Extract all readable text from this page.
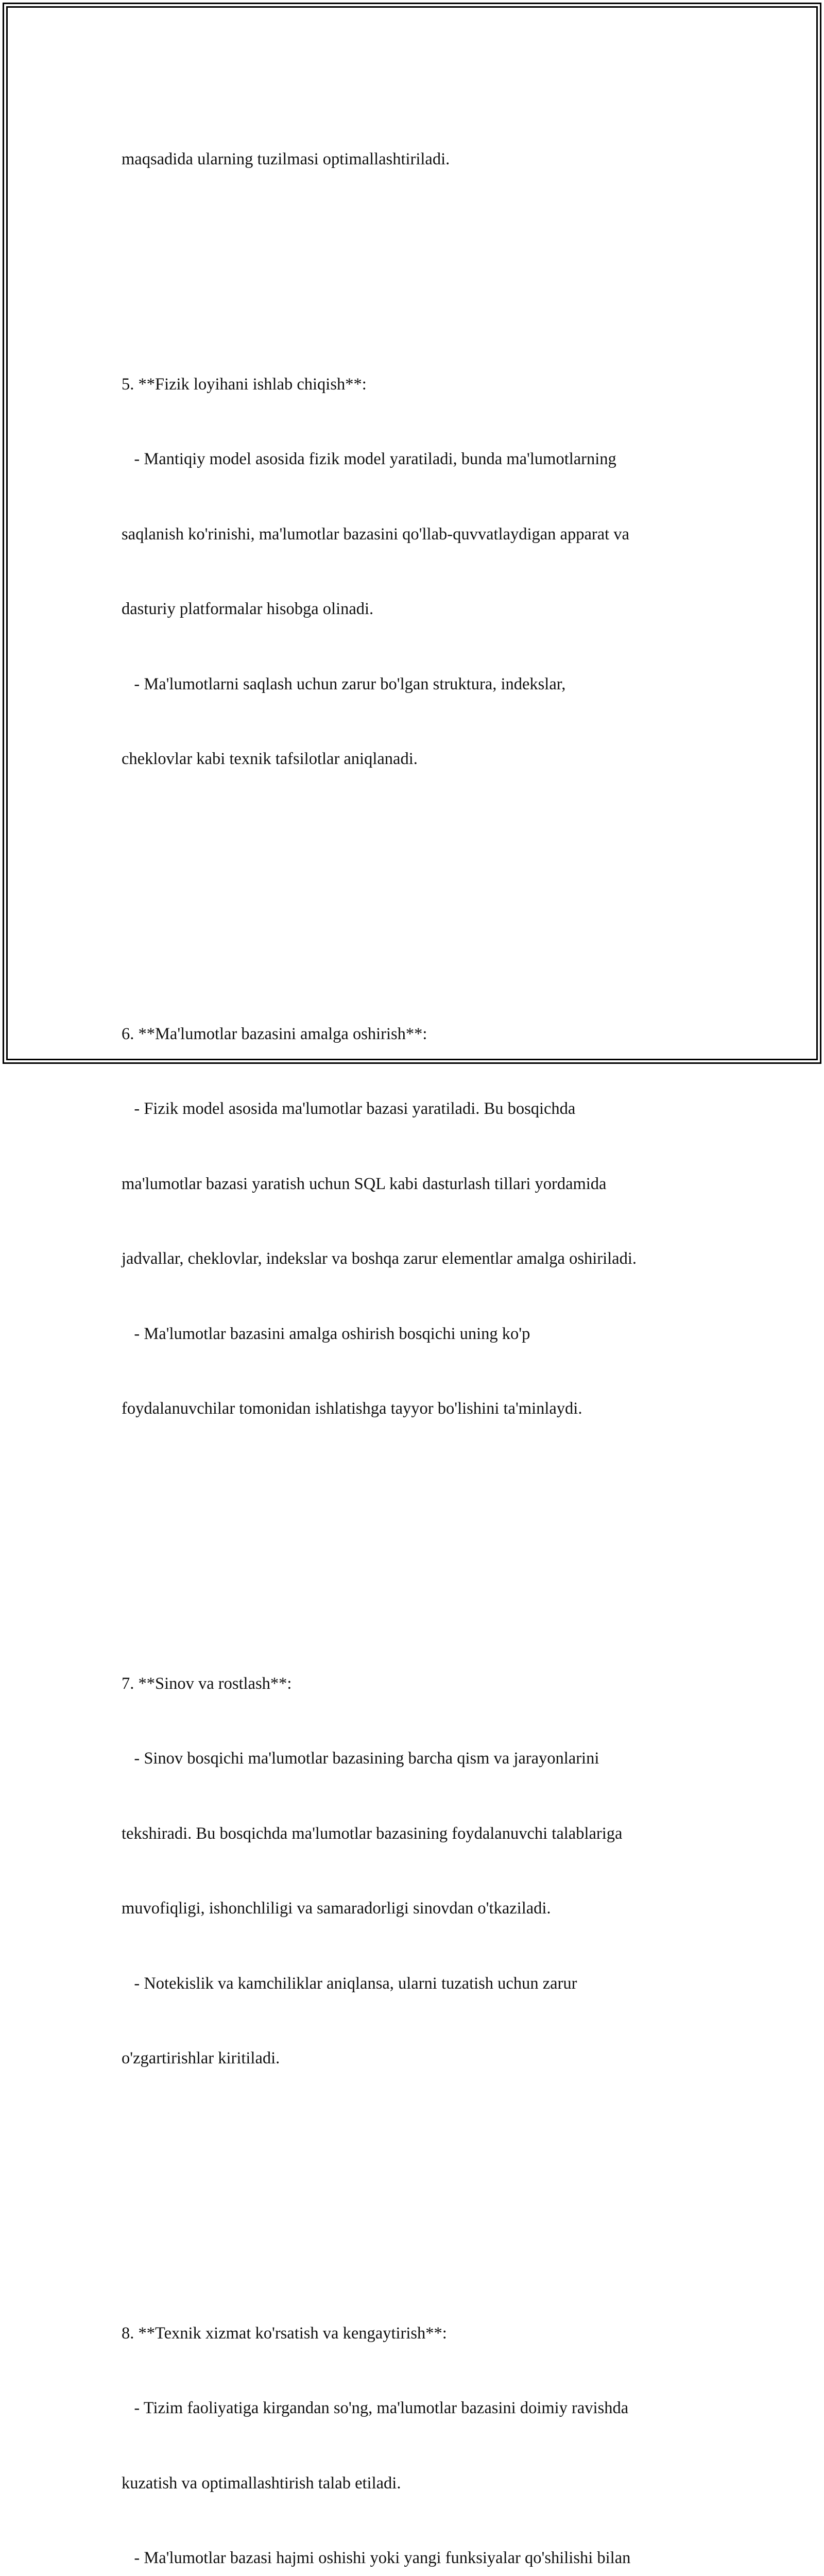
maqsadida ularning tuzilmasi optimallashtiriladi.

5. **Fizik loyihani ishlab chiqish**:

- Mantiqiy model asosida fizik model yaratiladi, bunda ma'lumotlarning

saqlanish ko'rinishi, ma'lumotlar bazasini qo'llab-quvvatlaydigan apparat va

dasturiy platformalar hisobga olinadi.

- Ma'lumotlarni saqlash uchun zarur bo'lgan struktura, indekslar,

cheklovlar kabi texnik tafsilotlar aniqlanadi.

6. **Ma'lumotlar bazasini amalga oshirish**:

- Fizik model asosida ma'lumotlar bazasi yaratiladi. Bu bosqichda

ma'lumotlar bazasi yaratish uchun SQL kabi dasturlash tillari yordamida

jadvallar, cheklovlar, indekslar va boshqa zarur elementlar amalga oshiriladi.

- Ma'lumotlar bazasini amalga oshirish bosqichi uning ko'p

foydalanuvchilar tomonidan ishlatishga tayyor bo'lishini ta'minlaydi.

7. **Sinov va rostlash**:

- Sinov bosqichi ma'lumotlar bazasining barcha qism va jarayonlarini

tekshiradi. Bu bosqichda ma'lumotlar bazasining foydalanuvchi talablariga

muvofiqligi, ishonchliligi va samaradorligi sinovdan o'tkaziladi.

- Notekislik va kamchiliklar aniqlansa, ularni tuzatish uchun zarur

o'zgartirishlar kiritiladi.

8. **Texnik xizmat ko'rsatish va kengaytirish**:

- Tizim faoliyatiga kirgandan so'ng, ma'lumotlar bazasini doimiy ravishda

kuzatish va optimallashtirish talab etiladi.

- Ma'lumotlar bazasi hajmi oshishi yoki yangi funksiyalar qo'shilishi bilan
